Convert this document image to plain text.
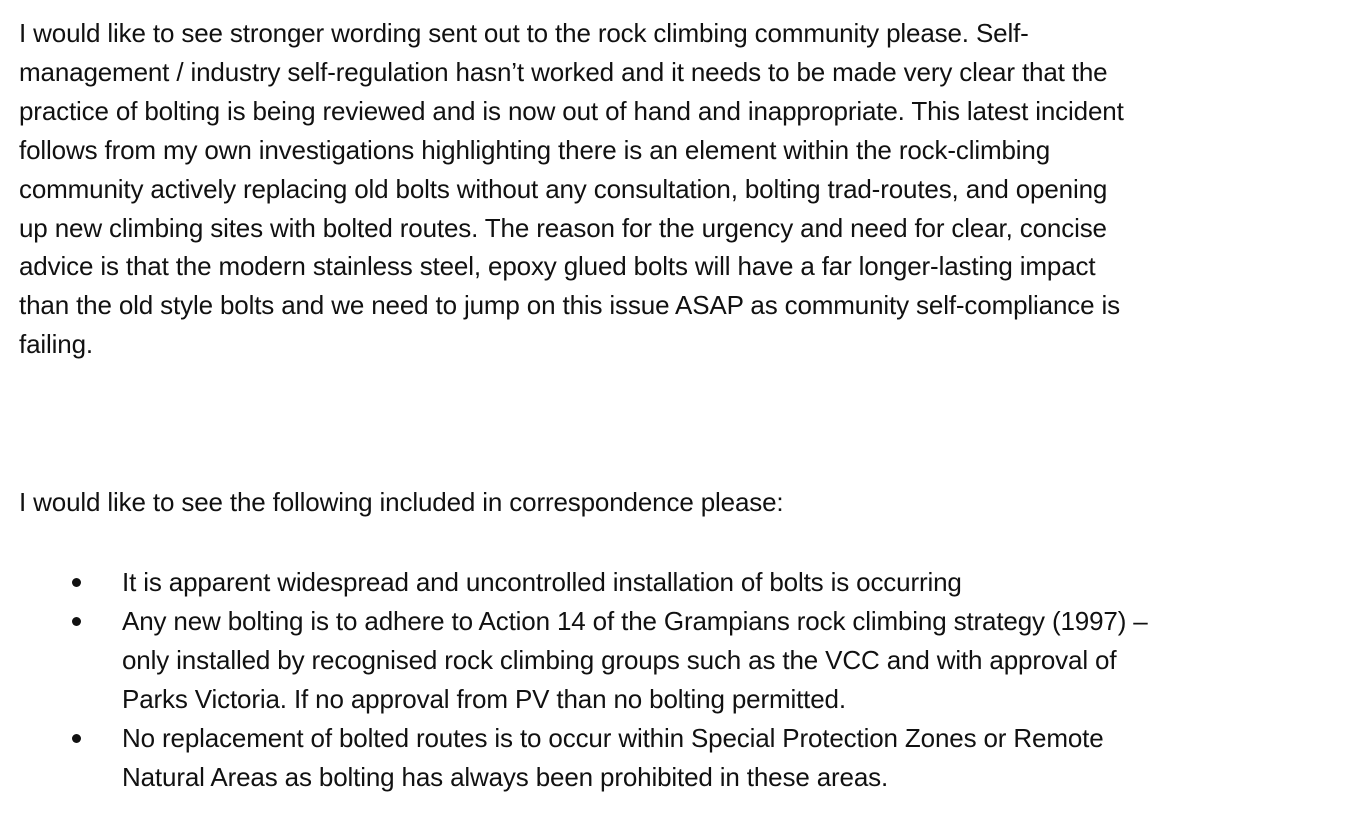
I would like to see stronger wording sent out to the rock climbing community please. Self-
management / industry self-regulation hasn’t worked and it needs to be made very clear that the
practice of bolting is being reviewed and is now out of hand and inappropriate. This latest incident
follows from my own investigations highlighting there is an element within the rock-climbing
community actively replacing old bolts without any consultation, bolting trad-routes, and opening
up new climbing sites with bolted routes. The reason for the urgency and need for clear, concise
advice is that the modern stainless steel, epoxy glued bolts will have a far longer-lasting impact
than the old style bolts and we need to jump on this issue ASAP as community self-compliance is
failing.

I would like to see the following included in correspondence please:

It is apparent widespread and uncontrolled installation of bolts is occurring
Any new bolting is to adhere to Action 14 of the Grampians rock climbing strategy (1997) –
only installed by recognised rock climbing groups such as the VCC and with approval of
Parks Victoria. If no approval from PV than no bolting permitted.
No replacement of bolted routes is to occur within Special Protection Zones or Remote
Natural Areas as bolting has always been prohibited in these areas.
